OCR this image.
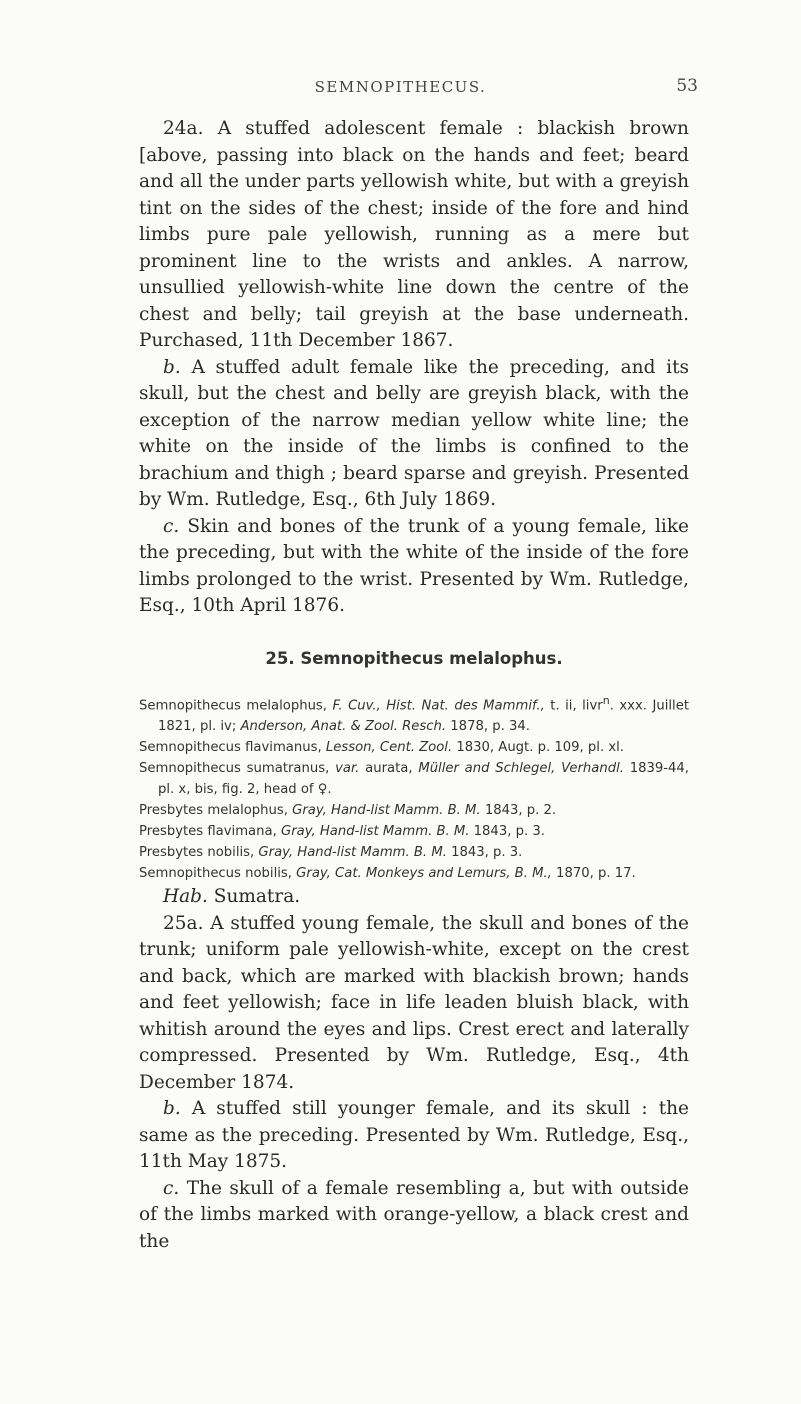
SEMNOPITHECUS.	53

24a. A stuffed adolescent female : blackish brown [above, passing into black on the hands and feet; beard and all the under parts yellowish white, but with a greyish tint on the sides of the chest; inside of the fore and hind limbs pure pale yellowish, running as a mere but prominent line to the wrists and ankles. A narrow, unsullied yellowish-white line down the centre of the chest and belly; tail greyish at the base underneath. Purchased, 11th December 1867.

b. A stuffed adult female like the preceding, and its skull, but the chest and belly are greyish black, with the exception of the narrow median yellow white line; the white on the inside of the limbs is confined to the brachium and thigh ; beard sparse and greyish. Presented by Wm. Rutledge, Esq., 6th July 1869.

c. Skin and bones of the trunk of a young female, like the preceding, but with the white of the inside of the fore limbs prolonged to the wrist. Presented by Wm. Rutledge, Esq., 10th April 1876.

25. Semnopithecus melalophus.
Semnopithecus melalophus, F. Cuv., Hist. Nat. des Mammif., t. ii, livr$^n$. xxx. Juillet 1821, pl. iv; Anderson, Anat. & Zool. Resch. 1878, p. 34.
Semnopithecus flavimanus, Lesson, Cent. Zool. 1830, Augt. p. 109, pl. xl.
Semnopithecus sumatranus, var. aurata, Müller and Schlegel, Verhandl. 1839-44, pl. x, bis, fig. 2, head of ♀.
Presbytes melalophus, Gray, Hand-list Mamm. B. M. 1843, p. 2.
Presbytes flavimana, Gray, Hand-list Mamm. B. M. 1843, p. 3.
Presbytes nobilis, Gray, Hand-list Mamm. B. M. 1843, p. 3.
Semnopithecus nobilis, Gray, Cat. Monkeys and Lemurs, B. M., 1870, p. 17.

Hab. Sumatra.

25a. A stuffed young female, the skull and bones of the trunk; uniform pale yellowish-white, except on the crest and back, which are marked with blackish brown; hands and feet yellowish; face in life leaden bluish black, with whitish around the eyes and lips. Crest erect and laterally compressed. Presented by Wm. Rutledge, Esq., 4th December 1874.

b. A stuffed still younger female, and its skull : the same as the preceding. Presented by Wm. Rutledge, Esq., 11th May 1875.

c. The skull of a female resembling a, but with outside of the limbs marked with orange-yellow, a black crest and the
